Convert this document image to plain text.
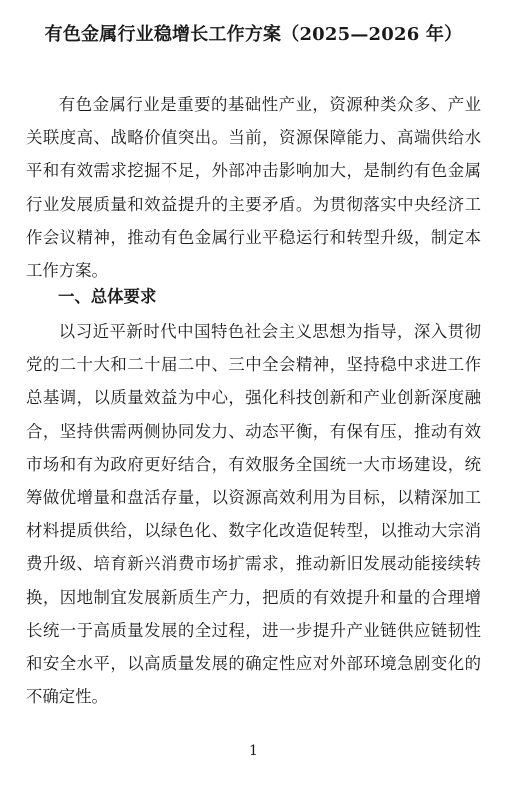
有色金属行业稳增长工作方案（2025—2026 年）
有色金属行业是重要的基础性产业，资源种类众多、产业关联度高、战略价值突出。当前，资源保障能力、高端供给水平和有效需求挖掘不足，外部冲击影响加大，是制约有色金属行业发展质量和效益提升的主要矛盾。为贯彻落实中央经济工作会议精神，推动有色金属行业平稳运行和转型升级，制定本工作方案。
一、总体要求
以习近平新时代中国特色社会主义思想为指导，深入贯彻党的二十大和二十届二中、三中全会精神，坚持稳中求进工作总基调，以质量效益为中心，强化科技创新和产业创新深度融合，坚持供需两侧协同发力、动态平衡，有保有压，推动有效市场和有为政府更好结合，有效服务全国统一大市场建设，统筹做优增量和盘活存量，以资源高效利用为目标，以精深加工材料提质供给，以绿色化、数字化改造促转型，以推动大宗消费升级、培育新兴消费市场扩需求，推动新旧发展动能接续转换，因地制宜发展新质生产力，把质的有效提升和量的合理增长统一于高质量发展的全过程，进一步提升产业链供应链韧性和安全水平，以高质量发展的确定性应对外部环境急剧变化的不确定性。
1
